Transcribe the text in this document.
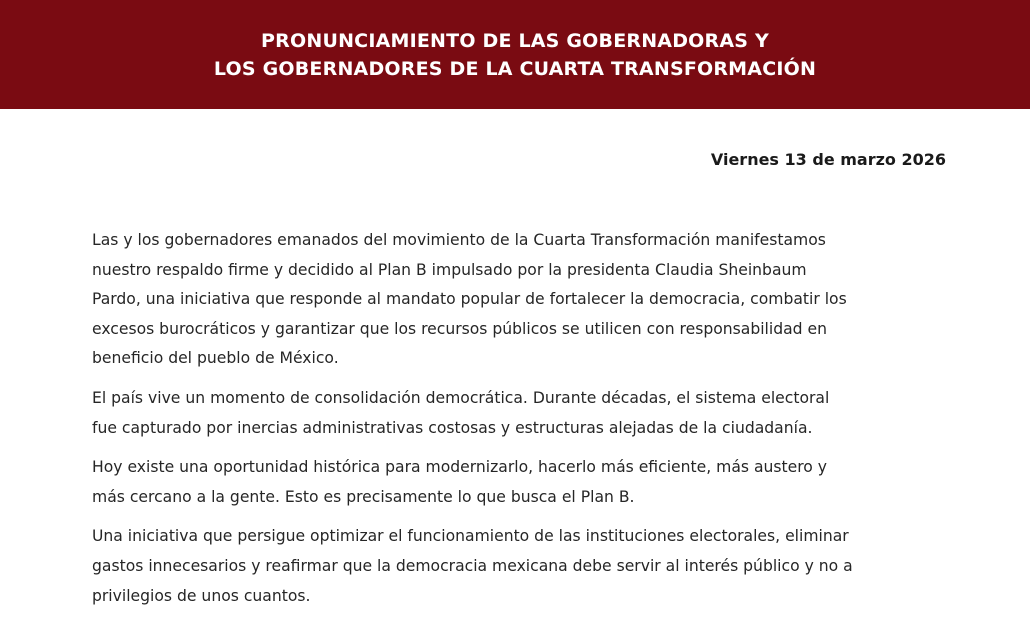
PRONUNCIAMIENTO DE LAS GOBERNADORAS Y
LOS GOBERNADORES DE LA CUARTA TRANSFORMACIÓN
Viernes 13 de marzo 2026

Las y los gobernadores emanados del movimiento de la Cuarta Transformación manifestamos
nuestro respaldo firme y decidido al Plan B impulsado por la presidenta Claudia Sheinbaum
Pardo, una iniciativa que responde al mandato popular de fortalecer la democracia, combatir los
excesos burocráticos y garantizar que los recursos públicos se utilicen con responsabilidad en
beneficio del pueblo de México.

El país vive un momento de consolidación democrática. Durante décadas, el sistema electoral
fue capturado por inercias administrativas costosas y estructuras alejadas de la ciudadanía.

Hoy existe una oportunidad histórica para modernizarlo, hacerlo más eficiente, más austero y
más cercano a la gente. Esto es precisamente lo que busca el Plan B.

Una iniciativa que persigue optimizar el funcionamiento de las instituciones electorales, eliminar
gastos innecesarios y reafirmar que la democracia mexicana debe servir al interés público y no a
privilegios de unos cuantos.
